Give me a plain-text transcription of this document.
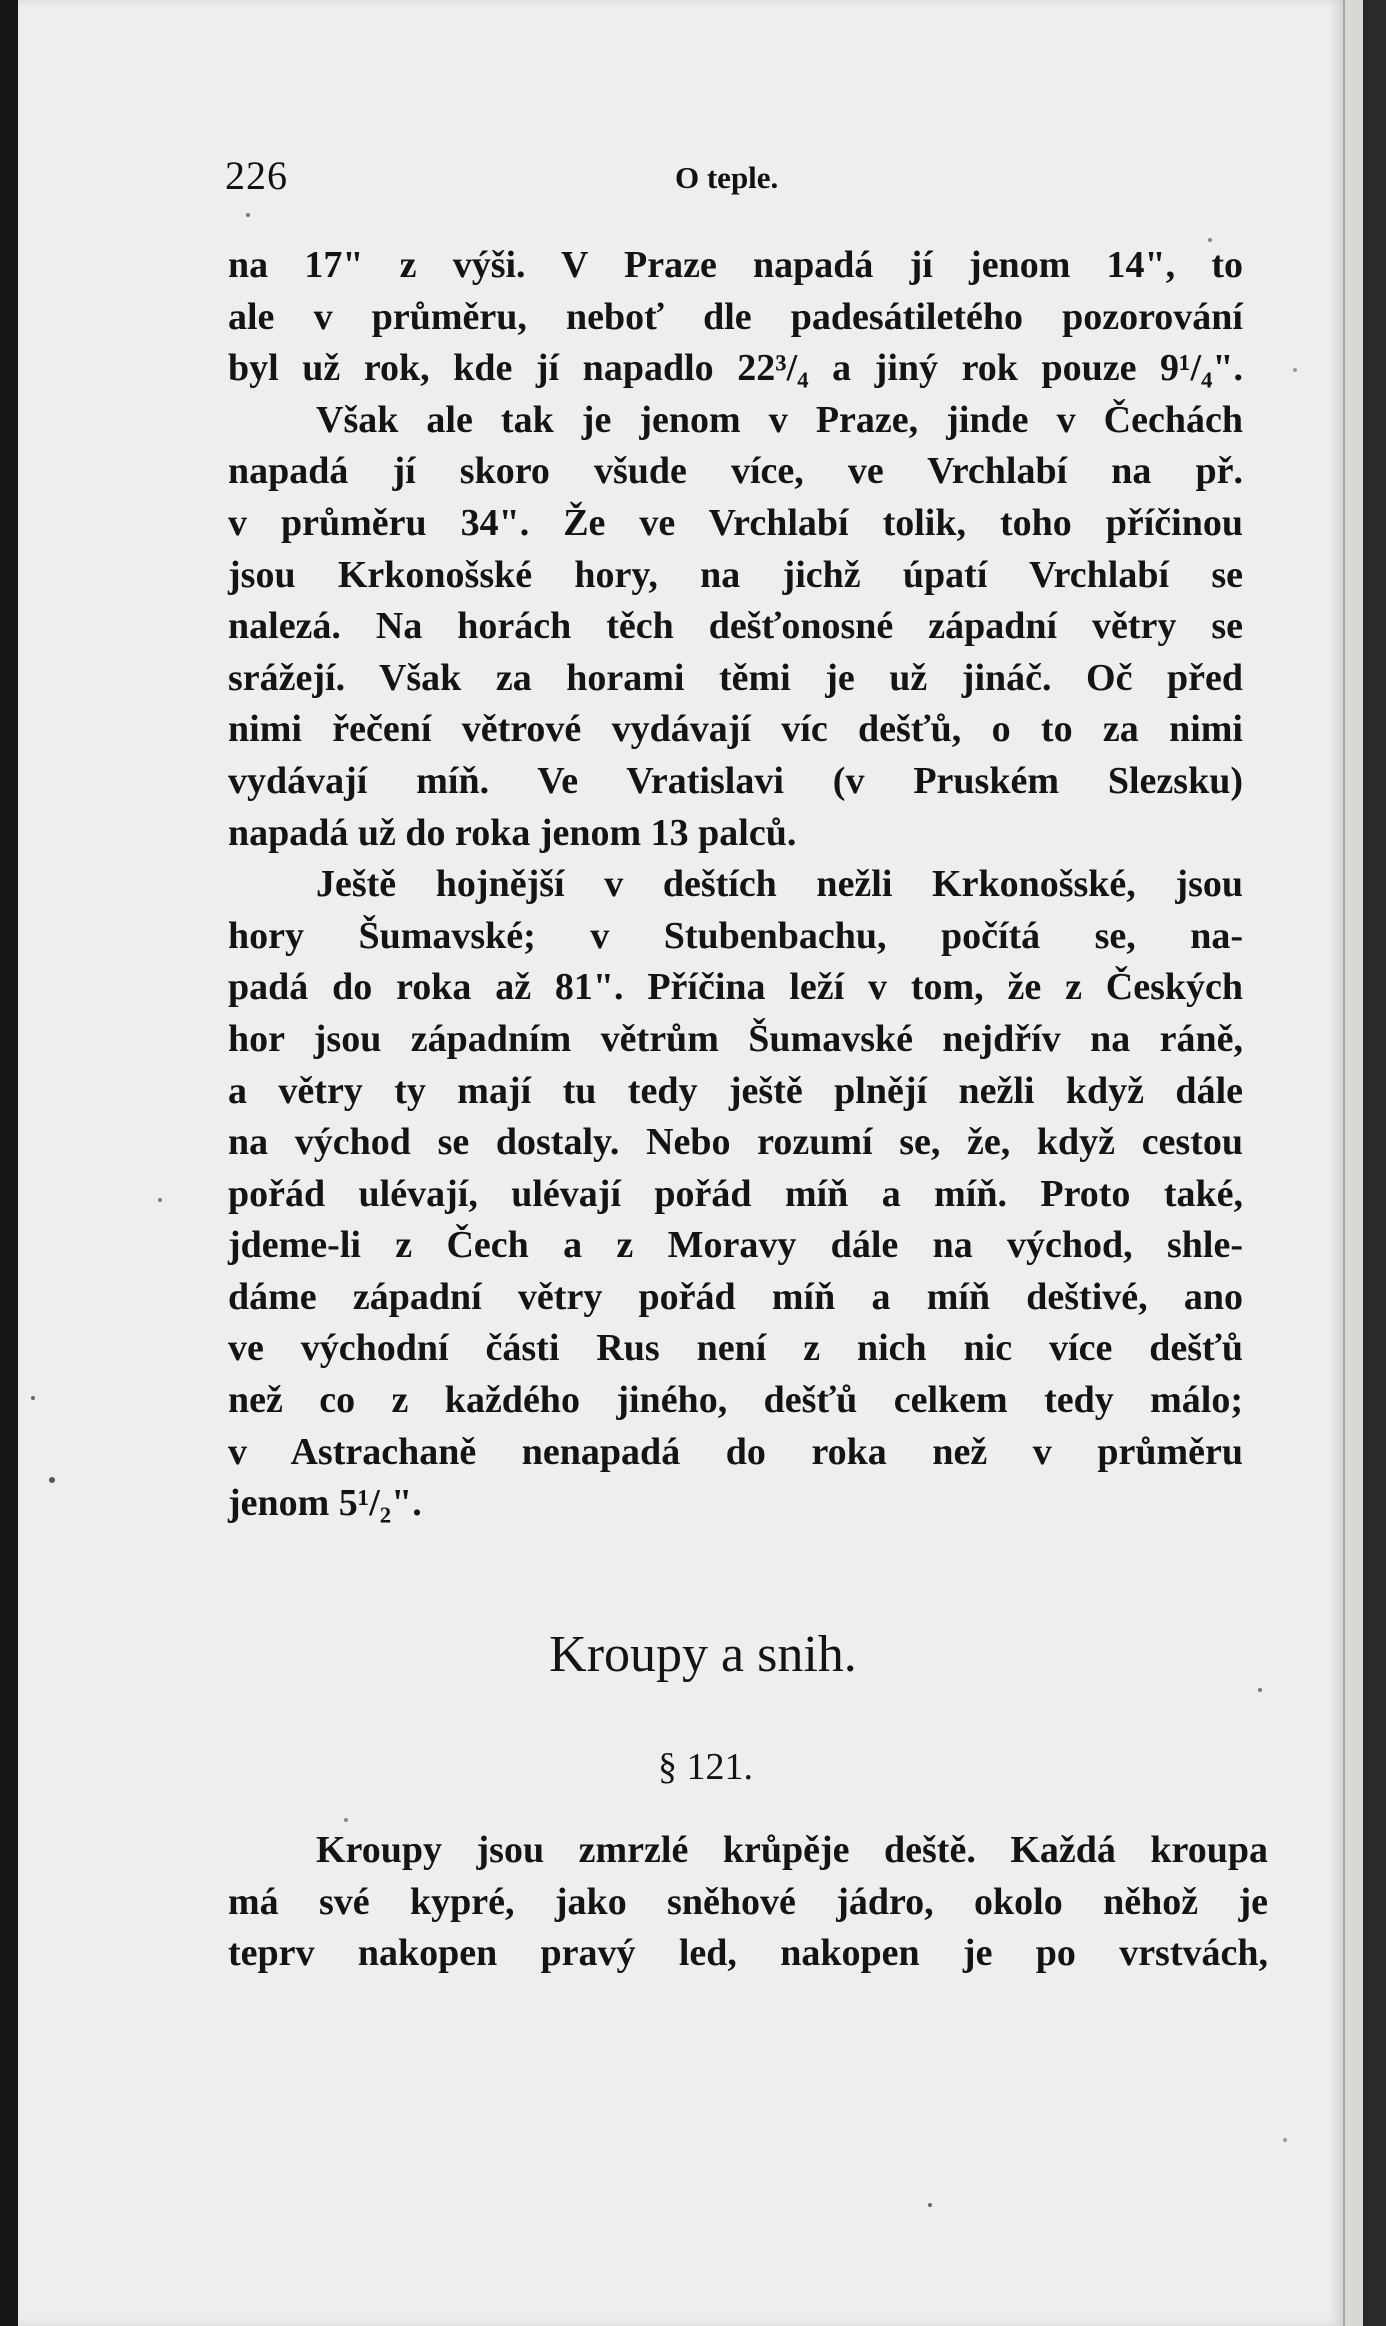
226	O teple.
na 17" z výši. V Praze napadá jí jenom 14", to
ale v průměru, neboť dle padesátiletého pozorování
byl už rok, kde jí napadlo 22³/₄ a jiný rok pouze 9¹/₄".
Však ale tak je jenom v Praze, jinde v Čechách
napadá jí skoro všude více, ve Vrchlabí na př.
v průměru 34". Že ve Vrchlabí tolik, toho příčinou
jsou Krkonošské hory, na jichž úpatí Vrchlabí se
nalezá. Na horách těch dešťonosné západní větry se
srážejí. Však za horami těmi je už jináč. Oč před
nimi řečení větrové vydávají víc dešťů, o to za nimi
vydávají míň. Ve Vratislavi (v Pruském Slezsku)
napadá už do roka jenom 13 palců.
Ještě hojnější v deštích nežli Krkonošské, jsou
hory Šumavské; v Stubenbachu, počítá se, na-
padá do roka až 81". Příčina leží v tom, že z Českých
hor jsou západním větrům Šumavské nejdřív na ráně,
a větry ty mají tu tedy ještě plnějí nežli když dále
na východ se dostaly. Nebo rozumí se, že, když cestou
pořád ulévají, ulévají pořád míň a míň. Proto také,
jdeme-li z Čech a z Moravy dále na východ, shle-
dáme západní větry pořád míň a míň deštivé, ano
ve východní části Rus není z nich nic více dešťů
než co z každého jiného, dešťů celkem tedy málo;
v Astrachaně nenapadá do roka než v průměru
jenom 5¹/₂".
Kroupy a snih.
§ 121.
Kroupy jsou zmrzlé krůpěje deště. Každá kroupa
má své kypré, jako sněhové jádro, okolo něhož je
teprv nakopen pravý led, nakopen je po vrstvách,
